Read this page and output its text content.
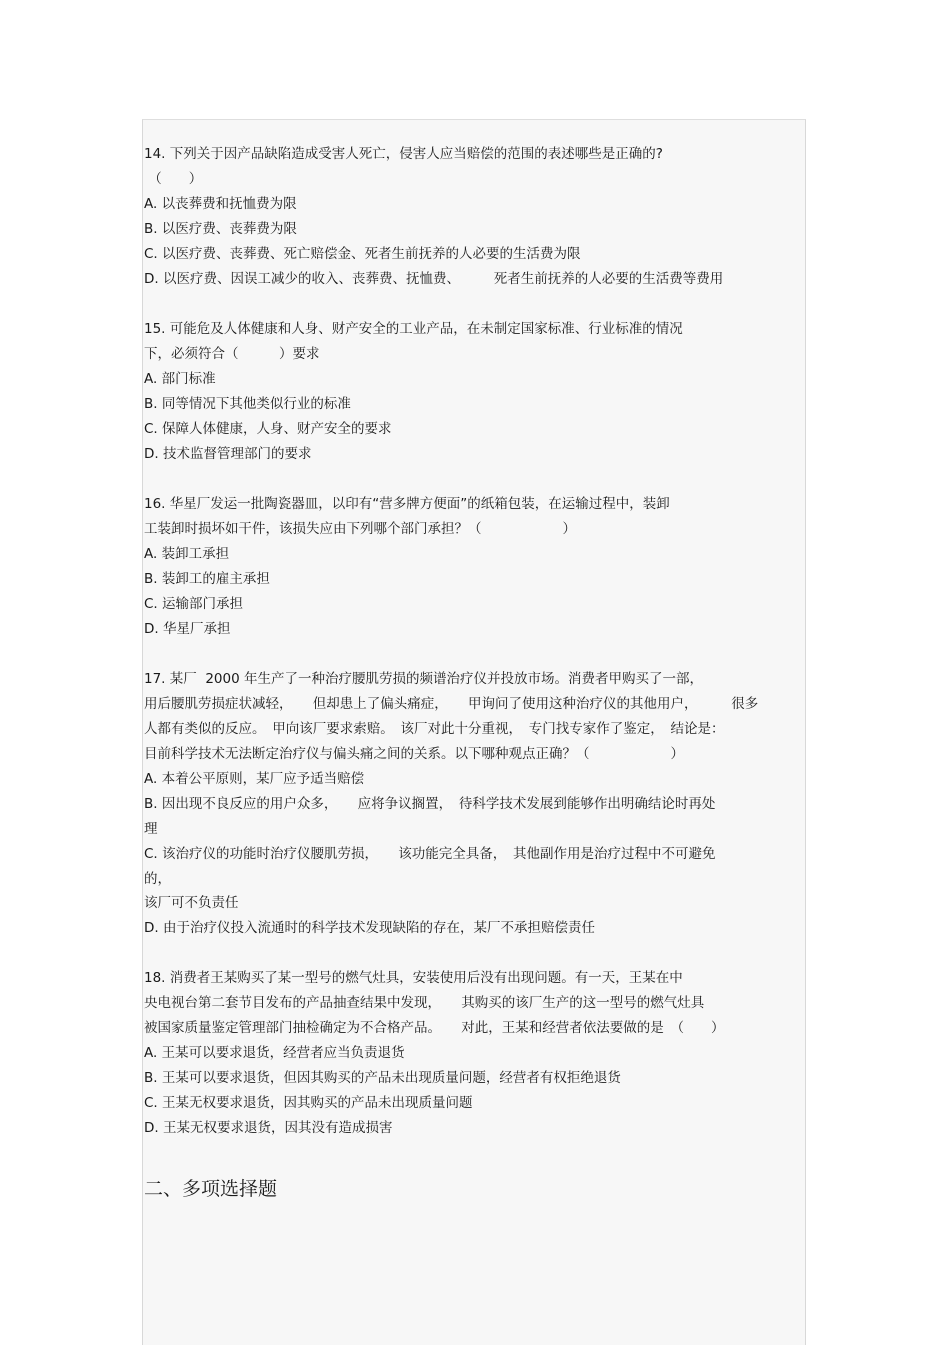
14. 下列关于因产品缺陷造成受害人死亡，侵害人应当赔偿的范围的表述哪些是正确的?
（　　）
A. 以丧葬费和抚恤费为限
B. 以医疗费、丧葬费为限
C. 以医疗费、丧葬费、死亡赔偿金、死者生前抚养的人必要的生活费为限
D. 以医疗费、因误工减少的收入、丧葬费、抚恤费、　　　死者生前抚养的人必要的生活费等费用
15. 可能危及人体健康和人身、财产安全的工业产品，在未制定国家标准、行业标准的情况
下，必须符合（　　　）要求
A. 部门标准
B. 同等情况下其他类似行业的标准
C. 保障人体健康，人身、财产安全的要求
D. 技术监督管理部门的要求
16. 华星厂发运一批陶瓷器皿，以印有“营多牌方便面”的纸箱包装，在运输过程中，装卸
工装卸时损坏如干件，该损失应由下列哪个部门承担？（　　　　　　）
A. 装卸工承担
B. 装卸工的雇主承担
C. 运输部门承担
D. 华星厂承担
17. 某厂  2000 年生产了一种治疗腰肌劳损的频谱治疗仪并投放市场。消费者甲购买了一部，
用后腰肌劳损症状减轻，　　但却患上了偏头痛症，　　甲询问了使用这种治疗仪的其他用户，　　　很多
人都有类似的反应。　甲向该厂要求索赔。　该厂对此十分重视，　专门找专家作了鉴定，　结论是：
目前科学技术无法断定治疗仪与偏头痛之间的关系。以下哪种观点正确？（　　　　　　）
A. 本着公平原则，某厂应予适当赔偿
B. 因出现不良反应的用户众多，　　应将争议搁置，　待科学技术发展到能够作出明确结论时再处
理
C. 该治疗仪的功能时治疗仪腰肌劳损，　　该功能完全具备，　其他副作用是治疗过程中不可避免
的，
该厂可不负责任
D. 由于治疗仪投入流通时的科学技术发现缺陷的存在，某厂不承担赔偿责任
18. 消费者王某购买了某一型号的燃气灶具，安装使用后没有出现问题。有一天，王某在中
央电视台第二套节目发布的产品抽查结果中发现，　　其购买的该厂生产的这一型号的燃气灶具
被国家质量鉴定管理部门抽检确定为不合格产品。　　对此，王某和经营者依法要做的是　（　　）
A. 王某可以要求退货，经营者应当负责退货
B. 王某可以要求退货，但因其购买的产品未出现质量问题，经营者有权拒绝退货
C. 王某无权要求退货，因其购买的产品未出现质量问题
D. 王某无权要求退货，因其没有造成损害
二、多项选择题
